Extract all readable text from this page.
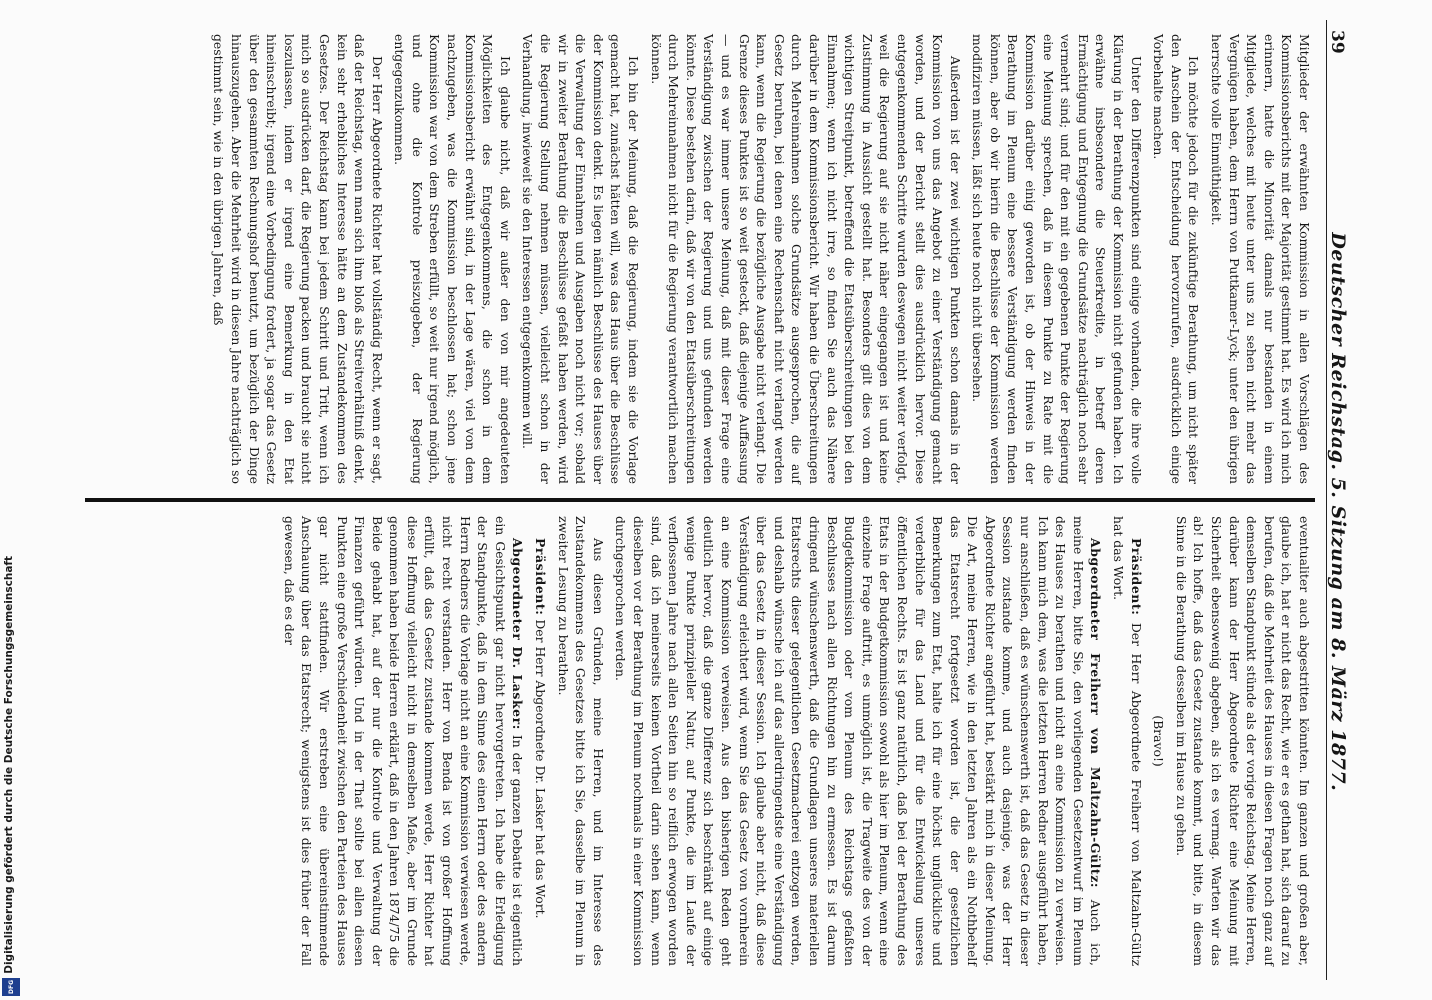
39
Deutscher Reichstag. 5. Sitzung am 8. März 1877.

Mitglieder der erwähnten Kommission in allen Vorschlägen des Kommissionsberichts mit der Majorität gestimmt hat. Es wird ich mich erinnern, hatte die Minorität damals nur bestanden in einem Mitgliede, welches mit heute unter uns zu sehen nicht mehr das Vergnügen haben, dem Herrn von Puttkamer-Lyck; unter den übrigen herrschte volle Einmüthigkeit.

Ich möchte jedoch für die zukünftige Berathung, um nicht später den Anschein der Entscheidung hervorzurufen, ausdrücklich einige Vorbehalte machen.

Unter den Differenzpunkten sind einige vorhanden, die ihre volle Klärung in der Berathung der Kommission nicht gefunden haben. Ich erwähne insbesondere die Steuerkredite, in betreff deren Ermächtigung und Entgegnung die Grundsätze nachträglich noch sehr vermehrt sind; und für den mit ein gegebenen Punkte der Regierung eine Meinung sprechen, daß in diesem Punkte zu Rate mit die Kommission darüber einig geworden ist, ob der Hinweis in der Berathung im Plenum eine bessere Verständigung werden finden können, aber ob wir hierin die Beschlüsse der Kommission werden modifiziren müssen, läßt sich heute noch nicht übersehen.

Außerdem ist der zwei wichtigen Punkten schon damals in der Kommission von uns das Angebot zu einer Verständigung gemacht worden, und der Bericht stellt dies ausdrücklich hervor. Diese entgegenkommenden Schritte wurden deswegen nicht weiter verfolgt, weil die Regierung auf sie nicht näher eingegangen ist und keine Zustimmung in Aussicht gestellt hat. Besonders gilt dies von dem wichtigen Streitpunkt, betreffend die Etatsüberschreitungen bei den Einnahmen; wenn ich nicht irre, so finden Sie auch das Nähere darüber in dem Kommissionsbericht. Wir haben die Überschreitungen durch Mehreinnahmen solche Grundsätze ausgesprochen, die auf Gesetz beruhen, bei denen eine Rechenschaft nicht verlangt werden kann, wenn die Regierung die bezügliche Ausgabe nicht verlangt. Die Grenze dieses Punktes ist so weit gesteckt, daß diejenige Auffassung — und es war immer unsere Meinung, daß mit dieser Frage eine Verständigung zwischen der Regierung und uns gefunden werden könnte. Diese bestehen darin, daß wir von den Etatsüberschreitungen durch Mehreinnahmen nicht für die Regierung verantwortlich machen können.

Ich bin der Meinung, daß die Regierung, indem sie die Vorlage gemacht hat, zunächst hätten will, was das Haus über die Beschlüsse der Kommission denkt. Es liegen nämlich Beschlüsse des Hauses über die Verwaltung der Einnahmen und Ausgaben noch nicht vor; sobald wir in zweiter Berathung die Beschlüsse gefaßt haben werden, wird die Regierung Stellung nehmen müssen, vielleicht schon in der Verhandlung, inwieweit sie den Interessen entgegenkommen will.

Ich glaube nicht, daß wir außer den von mir angedeuteten Möglichkeiten des Entgegenkommens, die schon in dem Kommissionsbericht erwähnt sind, in der Lage wären, viel von dem nachzugeben, was die Kommission beschlossen hat; schon jene Kommission war von dem Streben erfüllt, so weit nur irgend möglich, und ohne die Kontrole preiszugeben, der Regierung entgegenzukommen.

Der Herr Abgeordnete Richter hat vollständig Recht, wenn er sagt, daß der Reichstag, wenn man sich ihm bloß als Streitverhältniß denkt, kein sehr erhebliches Interesse hätte an dem Zustandekommen des Gesetzes. Der Reichstag kann bei jedem Schritt und Tritt, wenn ich mich so ausdrücken darf, die Regierung packen und braucht sie nicht loszulassen, indem er irgend eine Bemerkung in den Etat hineinschreibt; irgend eine Vorbedingung fordert, ja sogar das Gesetz über den gesammten Rechnungshof benutzt, um bezüglich der Dinge hinauszugehen. Aber die Mehrheit wird in diesen Jahre nachträglich so gestimmt sein, wie in den übrigen Jahren, daß

eventualiter auch abgestritten könnten. Im ganzen und großen aber, glaube ich, hat er nicht das Recht, wie er es gethan hat, sich darauf zu berufen, daß die Mehrheit des Hauses in diesen Fragen noch ganz auf demselben Standpunkt stünde als der vorige Reichstag. Meine Herren, darüber kann der Herr Abgeordnete Richter eine Meinung mit Sicherheit ebensowenig abgeben, als ich es vermag. Warten wir das ab! Ich hoffe, daß das Gesetz zustande kommt, und bitte, in diesem Sinne in die Berathung desselben im Hause zu gehen.

(Bravo!)

Präsident: Der Herr Abgeordnete Freiherr von Maltzahn-Gültz hat das Wort.

Abgeordneter Freiherr von Maltzahn-Gültz: Auch ich, meine Herren, bitte Sie, den vorliegenden Gesetzentwurf im Plenum des Hauses zu berathen und nicht an eine Kommission zu verweisen. Ich kann mich dem, was die letzten Herren Redner ausgeführt haben, nur anschließen, daß es wünschenswerth ist, daß das Gesetz in dieser Session zustande komme, und auch dasjenige, was der Herr Abgeordnete Richter angeführt hat, bestärkt mich in dieser Meinung. Die Art, meine Herren, wie in den letzten Jahren als ein Nothbehelf das Etatsrecht fortgesetzt worden ist, die der gesetzlichen Bemerkungen zum Etat, halte ich für eine höchst unglückliche und verderbliche für das Land und für die Entwickelung unseres öffentlichen Rechts. Es ist ganz natürlich, daß bei der Berathung des Etats in der Budgetkommission sowohl als hier im Plenum, wenn eine einzelne Frage auftritt, es unmöglich ist, die Tragweite des von der Budgetkommission oder vom Plenum des Reichstags gefaßten Beschlusses nach allen Richtungen hin zu ermessen. Es ist darum dringend wünschenswerth, daß die Grundlagen unseres materiellen Etatsrechts dieser gelegentlichen Gesetzmacherei entzogen werden, und deshalb wünsche ich auf das allerdringendste eine Verständigung über das Gesetz in dieser Session. Ich glaube aber nicht, daß diese Verständigung erleichtert wird, wenn Sie das Gesetz von vornherein an eine Kommission verweisen. Aus den bisherigen Reden geht deutlich hervor, daß die ganze Differenz sich beschränkt auf einige wenige Punkte prinzipieller Natur, auf Punkte, die im Laufe der verflossenen Jahre nach allen Seiten hin so reiflich erwogen worden sind, daß ich meinerseits keinen Vortheil darin sehen kann, wenn dieselben vor der Berathung im Plenum nochmals in einer Kommission durchgesprochen werden.

Aus diesen Gründen, meine Herren, und im Interesse des Zustandekommens des Gesetzes bitte ich Sie, dasselbe im Plenum in zweiter Lesung zu berathen.

Präsident: Der Herr Abgeordnete Dr. Lasker hat das Wort.

Abgeordneter Dr. Lasker: In der ganzen Debatte ist eigentlich ein Gesichtspunkt gar nicht hervorgetreten. Ich habe die Erledigung der Standpunkte, daß in dem Sinne des einen Herrn oder des andern Herrn Redners die Vorlage nicht an eine Kommission verwiesen werde, nicht recht verstanden. Herr von Benda ist von großer Hoffnung erfüllt, daß das Gesetz zustande kommen werde, Herr Richter hat diese Hoffnung vielleicht nicht in demselben Maße, aber im Grunde genommen haben beide Herren erklärt, daß in den Jahren 1874/75 die Beide gehabt hat, auf der nur die Kontrole und Verwaltung der Finanzen geführt würden. Und in der That sollte bei allen diesen Punkten eine große Verschiedenheit zwischen den Parteien des Hauses gar nicht stattfinden. Wir erstreben eine übereinstimmende Anschauung über das Etatsrecht; wenigstens ist dies früher der Fall gewesen, daß es der

Digitalisierung gefördert durch die Deutsche Forschungsgemeinschaft
DFG
